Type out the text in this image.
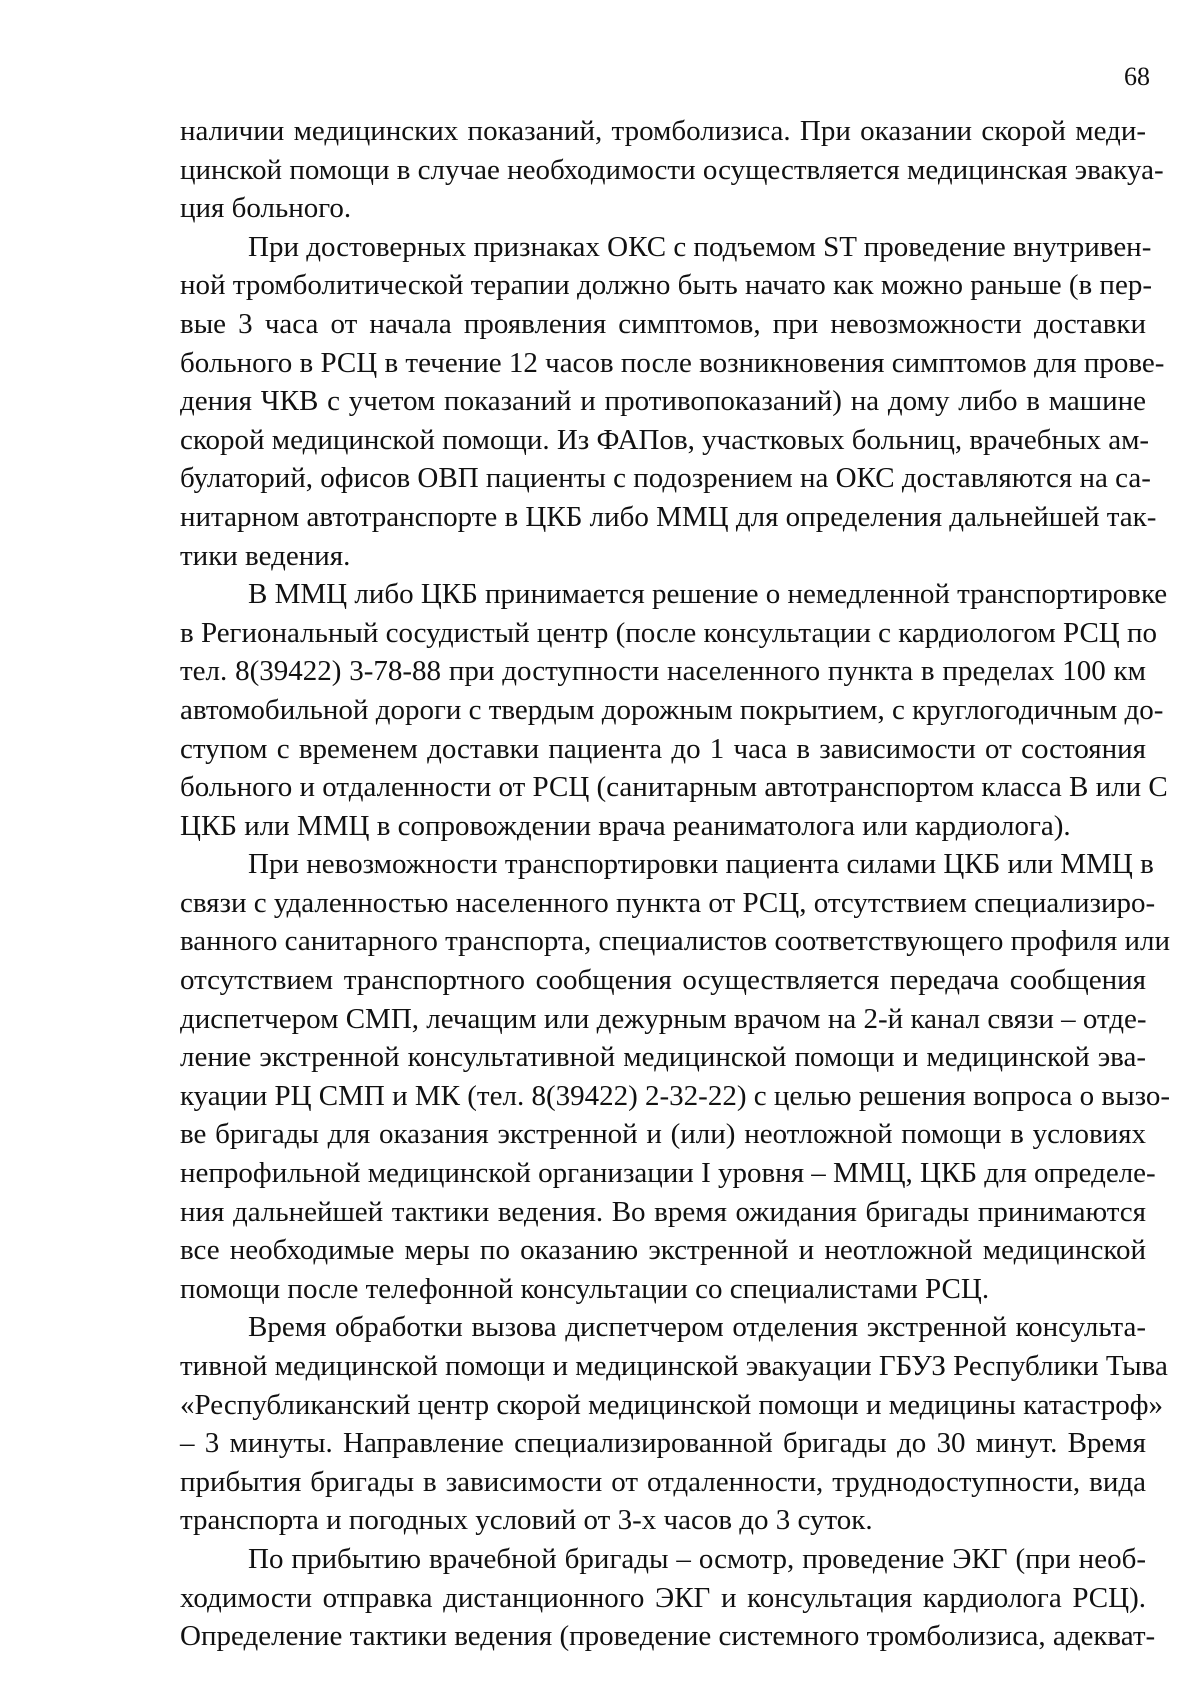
68
наличии медицинских показаний, тромболизиса. При оказании скорой меди-
цинской помощи в случае необходимости осуществляется медицинская эвакуа-
ция больного.
При достоверных признаках ОКС с подъемом ST проведение внутривен-
ной тромболитической терапии должно быть начато как можно раньше (в пер-
вые 3 часа от начала проявления симптомов, при невозможности доставки
больного в РСЦ в течение 12 часов после возникновения симптомов для прове-
дения ЧКВ с учетом показаний и противопоказаний) на дому либо в машине
скорой медицинской помощи. Из ФАПов, участковых больниц, врачебных ам-
булаторий, офисов ОВП пациенты с подозрением на ОКС доставляются на са-
нитарном автотранспорте в ЦКБ либо ММЦ для определения дальнейшей так-
тики ведения.
В ММЦ либо ЦКБ принимается решение о немедленной транспортировке
в Региональный сосудистый центр (после консультации с кардиологом РСЦ по
тел. 8(39422) 3-78-88 при доступности населенного пункта в пределах 100 км
автомобильной дороги с твердым дорожным покрытием, с круглогодичным до-
ступом с временем доставки пациента до 1 часа в зависимости от состояния
больного и отдаленности от РСЦ (санитарным автотранспортом класса В или С
ЦКБ или ММЦ в сопровождении врача реаниматолога или кардиолога).
При невозможности транспортировки пациента силами ЦКБ или ММЦ в
связи с удаленностью населенного пункта от РСЦ, отсутствием специализиро-
ванного санитарного транспорта, специалистов соответствующего профиля или
отсутствием транспортного сообщения осуществляется передача сообщения
диспетчером СМП, лечащим или дежурным врачом на 2-й канал связи – отде-
ление экстренной консультативной медицинской помощи и медицинской эва-
куации РЦ СМП и МК (тел. 8(39422) 2-32-22) с целью решения вопроса о вызо-
ве бригады для оказания экстренной и (или) неотложной помощи в условиях
непрофильной медицинской организации I уровня – ММЦ, ЦКБ для определе-
ния дальнейшей тактики ведения. Во время ожидания бригады принимаются
все необходимые меры по оказанию экстренной и неотложной медицинской
помощи после телефонной консультации со специалистами РСЦ.
Время обработки вызова диспетчером отделения экстренной консульта-
тивной медицинской помощи и медицинской эвакуации ГБУЗ Республики Тыва
«Республиканский центр скорой медицинской помощи и медицины катастроф»
– 3 минуты. Направление специализированной бригады до 30 минут. Время
прибытия бригады в зависимости от отдаленности, труднодоступности, вида
транспорта и погодных условий от 3-х часов до 3 суток.
По прибытию врачебной бригады – осмотр, проведение ЭКГ (при необ-
ходимости отправка дистанционного ЭКГ и консультация кардиолога РСЦ).
Определение тактики ведения (проведение системного тромболизиса, адекват-
